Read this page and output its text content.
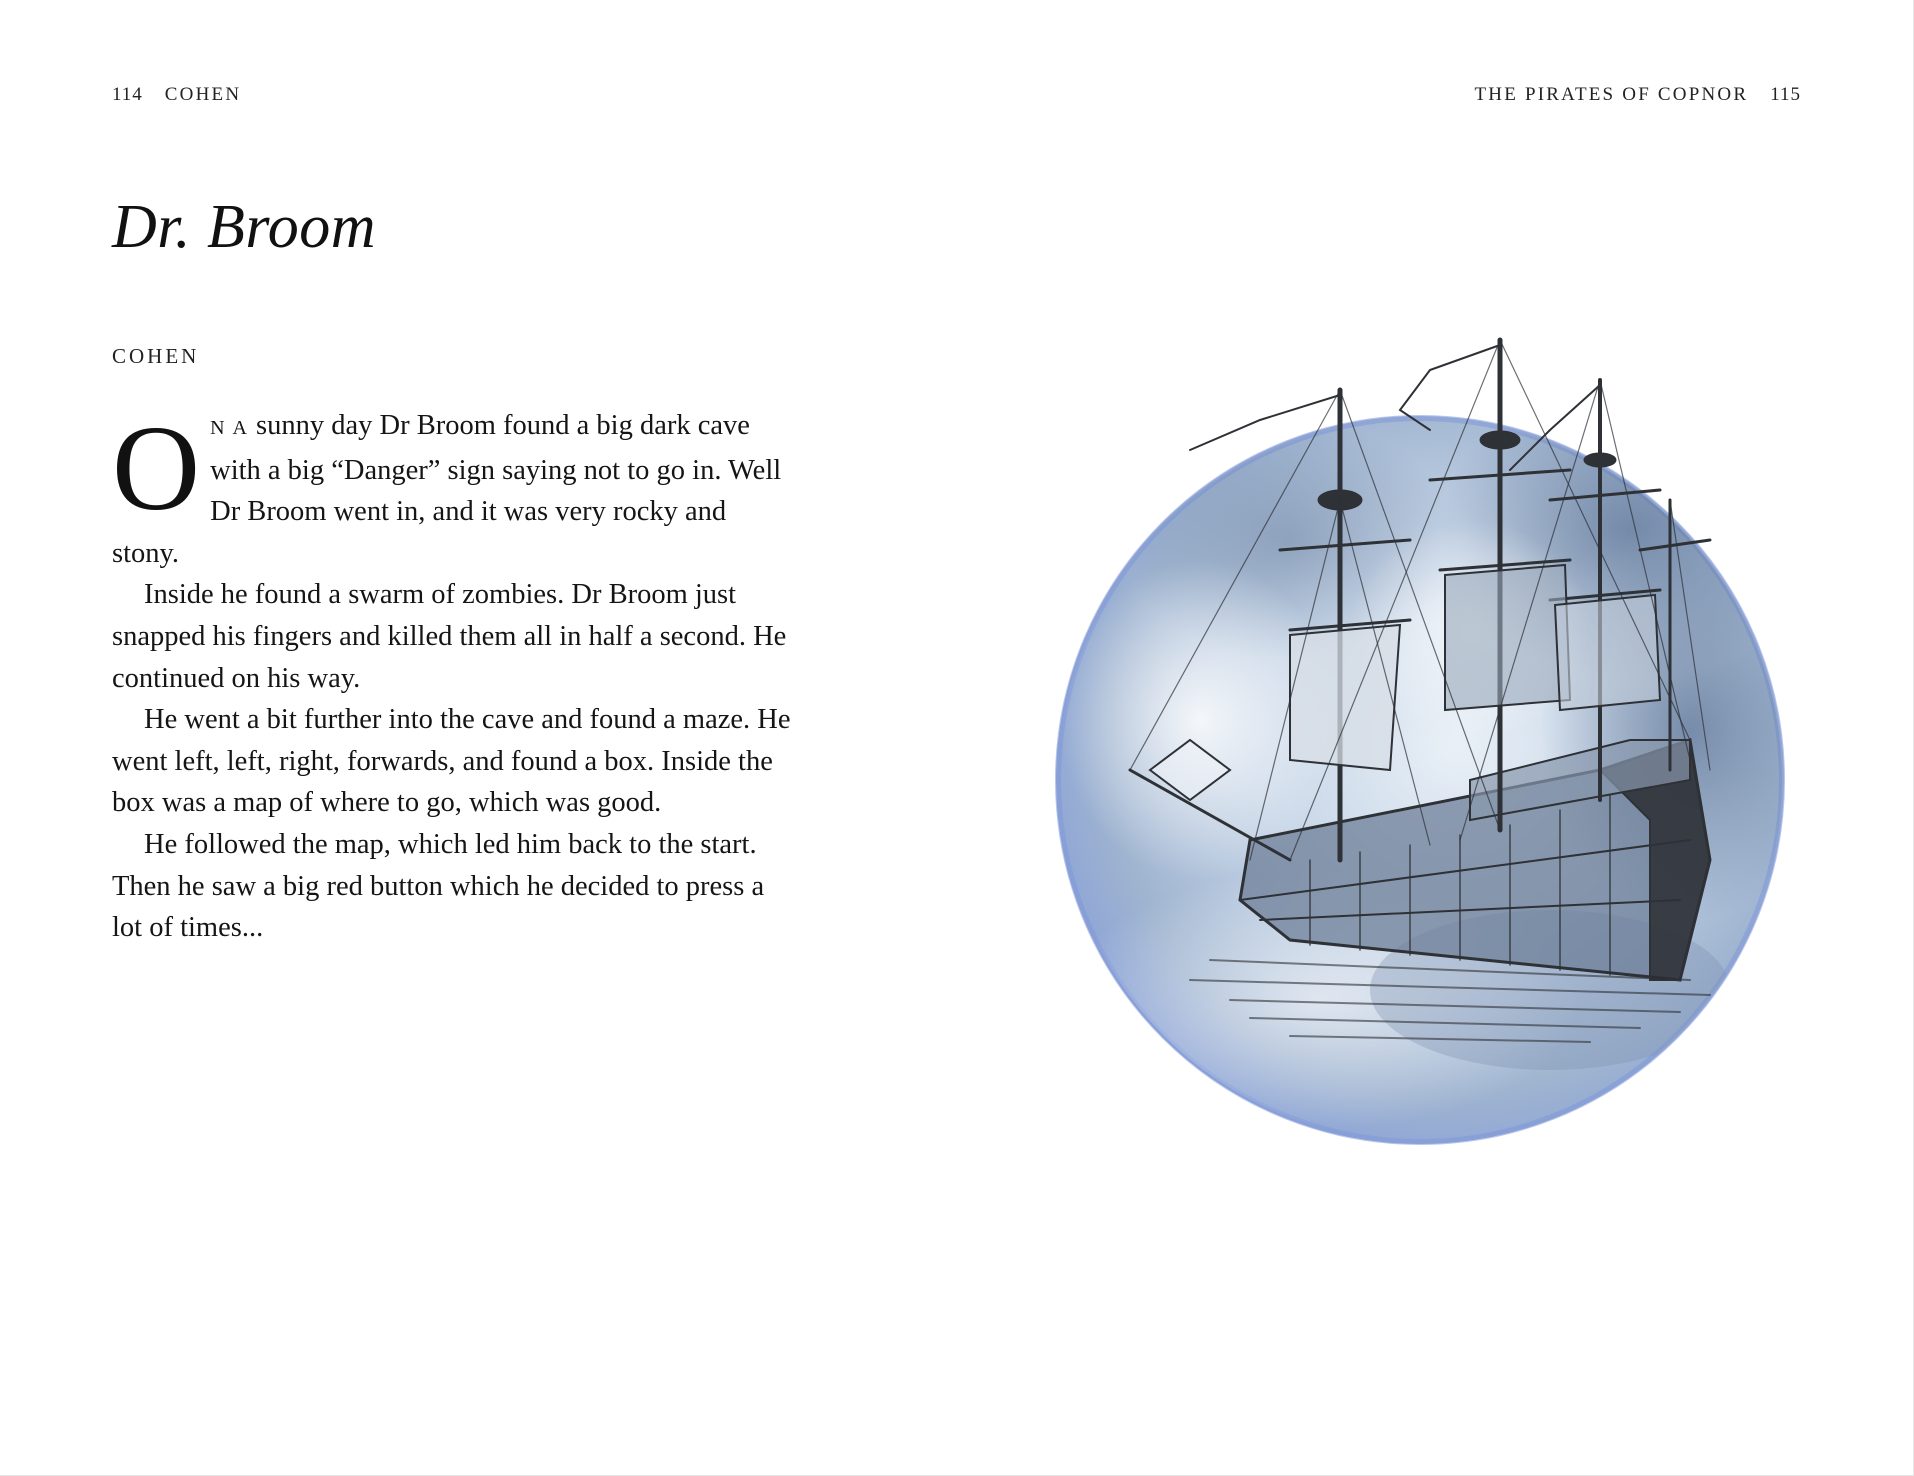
114 COHEN
Dr. Broom
COHEN

O N A sunny day Dr Broom found a big dark cave with a big “Danger” sign saying not to go in. Well Dr Broom went in, and it was very rocky and stony.

Inside he found a swarm of zombies. Dr Broom just snapped his fingers and killed them all in half a second. He continued on his way.

He went a bit further into the cave and found a maze. He went left, left, right, forwards, and found a box. Inside the box was a map of where to go, which was good.

He followed the map, which led him back to the start. Then he saw a big red button which he decided to press a lot of times...

THE PIRATES OF COPNOR 115
